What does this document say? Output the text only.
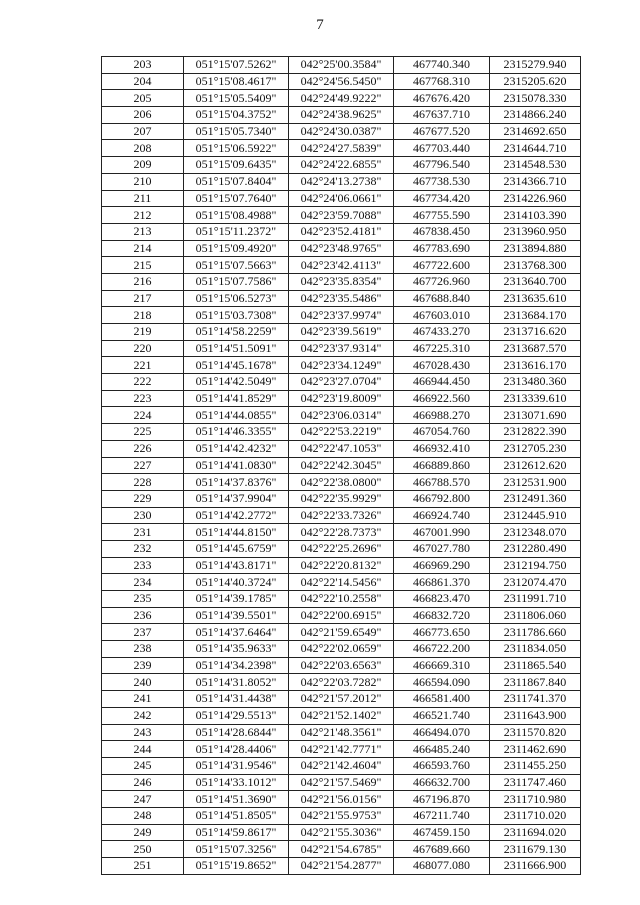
7
203	051°15'07.5262"	042°25'00.3584"	467740.340	2315279.940
204	051°15'08.4617"	042°24'56.5450"	467768.310	2315205.620
205	051°15'05.5409"	042°24'49.9222"	467676.420	2315078.330
206	051°15'04.3752"	042°24'38.9625"	467637.710	2314866.240
207	051°15'05.7340"	042°24'30.0387"	467677.520	2314692.650
208	051°15'06.5922"	042°24'27.5839"	467703.440	2314644.710
209	051°15'09.6435"	042°24'22.6855"	467796.540	2314548.530
210	051°15'07.8404"	042°24'13.2738"	467738.530	2314366.710
211	051°15'07.7640"	042°24'06.0661"	467734.420	2314226.960
212	051°15'08.4988"	042°23'59.7088"	467755.590	2314103.390
213	051°15'11.2372"	042°23'52.4181"	467838.450	2313960.950
214	051°15'09.4920"	042°23'48.9765"	467783.690	2313894.880
215	051°15'07.5663"	042°23'42.4113"	467722.600	2313768.300
216	051°15'07.7586"	042°23'35.8354"	467726.960	2313640.700
217	051°15'06.5273"	042°23'35.5486"	467688.840	2313635.610
218	051°15'03.7308"	042°23'37.9974"	467603.010	2313684.170
219	051°14'58.2259"	042°23'39.5619"	467433.270	2313716.620
220	051°14'51.5091"	042°23'37.9314"	467225.310	2313687.570
221	051°14'45.1678"	042°23'34.1249"	467028.430	2313616.170
222	051°14'42.5049"	042°23'27.0704"	466944.450	2313480.360
223	051°14'41.8529"	042°23'19.8009"	466922.560	2313339.610
224	051°14'44.0855"	042°23'06.0314"	466988.270	2313071.690
225	051°14'46.3355"	042°22'53.2219"	467054.760	2312822.390
226	051°14'42.4232"	042°22'47.1053"	466932.410	2312705.230
227	051°14'41.0830"	042°22'42.3045"	466889.860	2312612.620
228	051°14'37.8376"	042°22'38.0800"	466788.570	2312531.900
229	051°14'37.9904"	042°22'35.9929"	466792.800	2312491.360
230	051°14'42.2772"	042°22'33.7326"	466924.740	2312445.910
231	051°14'44.8150"	042°22'28.7373"	467001.990	2312348.070
232	051°14'45.6759"	042°22'25.2696"	467027.780	2312280.490
233	051°14'43.8171"	042°22'20.8132"	466969.290	2312194.750
234	051°14'40.3724"	042°22'14.5456"	466861.370	2312074.470
235	051°14'39.1785"	042°22'10.2558"	466823.470	2311991.710
236	051°14'39.5501"	042°22'00.6915"	466832.720	2311806.060
237	051°14'37.6464"	042°21'59.6549"	466773.650	2311786.660
238	051°14'35.9633"	042°22'02.0659"	466722.200	2311834.050
239	051°14'34.2398"	042°22'03.6563"	466669.310	2311865.540
240	051°14'31.8052"	042°22'03.7282"	466594.090	2311867.840
241	051°14'31.4438"	042°21'57.2012"	466581.400	2311741.370
242	051°14'29.5513"	042°21'52.1402"	466521.740	2311643.900
243	051°14'28.6844"	042°21'48.3561"	466494.070	2311570.820
244	051°14'28.4406"	042°21'42.7771"	466485.240	2311462.690
245	051°14'31.9546"	042°21'42.4604"	466593.760	2311455.250
246	051°14'33.1012"	042°21'57.5469"	466632.700	2311747.460
247	051°14'51.3690"	042°21'56.0156"	467196.870	2311710.980
248	051°14'51.8505"	042°21'55.9753"	467211.740	2311710.020
249	051°14'59.8617"	042°21'55.3036"	467459.150	2311694.020
250	051°15'07.3256"	042°21'54.6785"	467689.660	2311679.130
251	051°15'19.8652"	042°21'54.2877"	468077.080	2311666.900
